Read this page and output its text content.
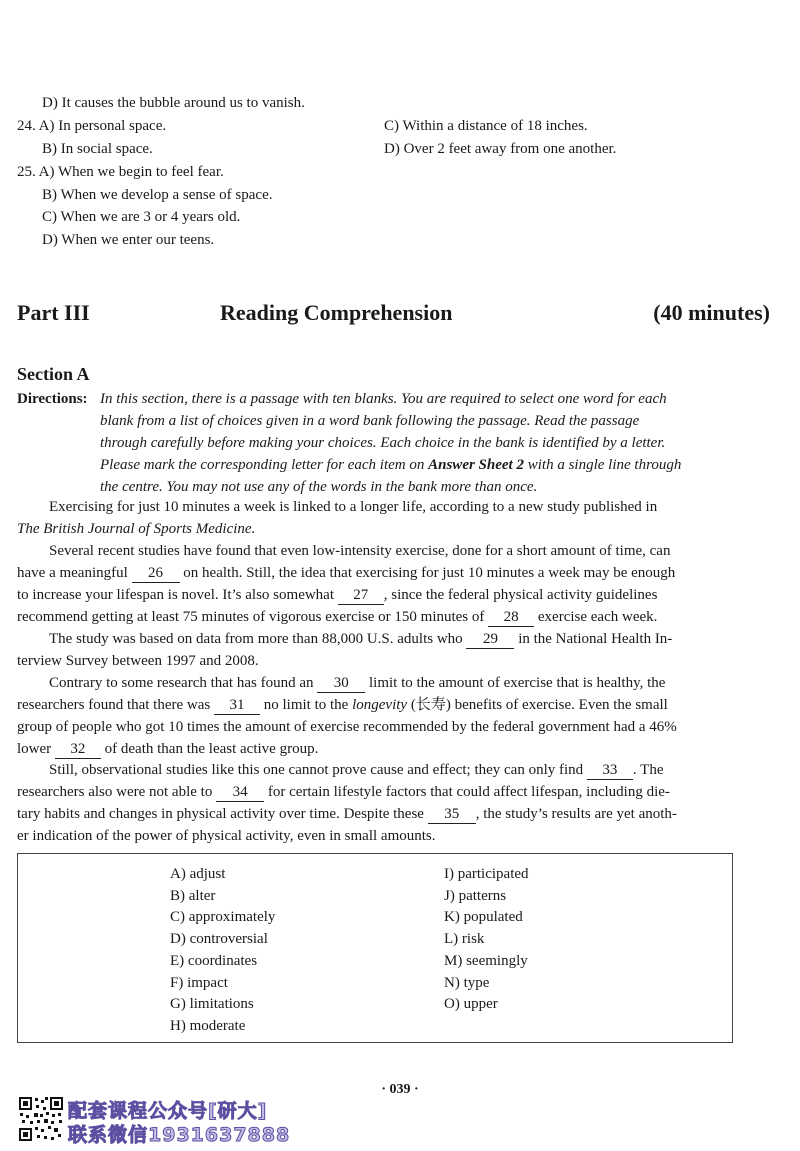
D) It causes the bubble around us to vanish.
24. A) In personal space.	C) Within a distance of 18 inches.
B) In social space.	D) Over 2 feet away from one another.
25. A) When we begin to feel fear.
B) When we develop a sense of space.
C) When we are 3 or 4 years old.
D) When we enter our teens.
Part III	Reading Comprehension	(40 minutes)
Section A
Directions: In this section, there is a passage with ten blanks. You are required to select one word for each
blank from a list of choices given in a word bank following the passage. Read the passage
through carefully before making your choices. Each choice in the bank is identified by a letter.
Please mark the corresponding letter for each item on Answer Sheet 2 with a single line through
the centre. You may not use any of the words in the bank more than once.
Exercising for just 10 minutes a week is linked to a longer life, according to a new study published in
The British Journal of Sports Medicine.
Several recent studies have found that even low-intensity exercise, done for a short amount of time, can
have a meaningful 26 on health. Still, the idea that exercising for just 10 minutes a week may be enough
to increase your lifespan is novel. It’s also somewhat 27 , since the federal physical activity guidelines
recommend getting at least 75 minutes of vigorous exercise or 150 minutes of 28 exercise each week.
The study was based on data from more than 88,000 U.S. adults who 29 in the National Health In-
terview Survey between 1997 and 2008.
Contrary to some research that has found an 30 limit to the amount of exercise that is healthy, the
researchers found that there was 31 no limit to the longevity (长寿) benefits of exercise. Even the small
group of people who got 10 times the amount of exercise recommended by the federal government had a 46%
lower 32 of death than the least active group.
Still, observational studies like this one cannot prove cause and effect; they can only find 33 . The
researchers also were not able to 34 for certain lifestyle factors that could affect lifespan, including die-
tary habits and changes in physical activity over time. Despite these 35 , the study’s results are yet anoth-
er indication of the power of physical activity, even in small amounts.
A) adjust
B) alter
C) approximately
D) controversial
E) coordinates
F) impact
G) limitations
H) moderate
I) participated
J) patterns
K) populated
L) risk
M) seemingly
N) type
O) upper
· 039 ·
配套课程公众号[研大]
联系微信1931637888
